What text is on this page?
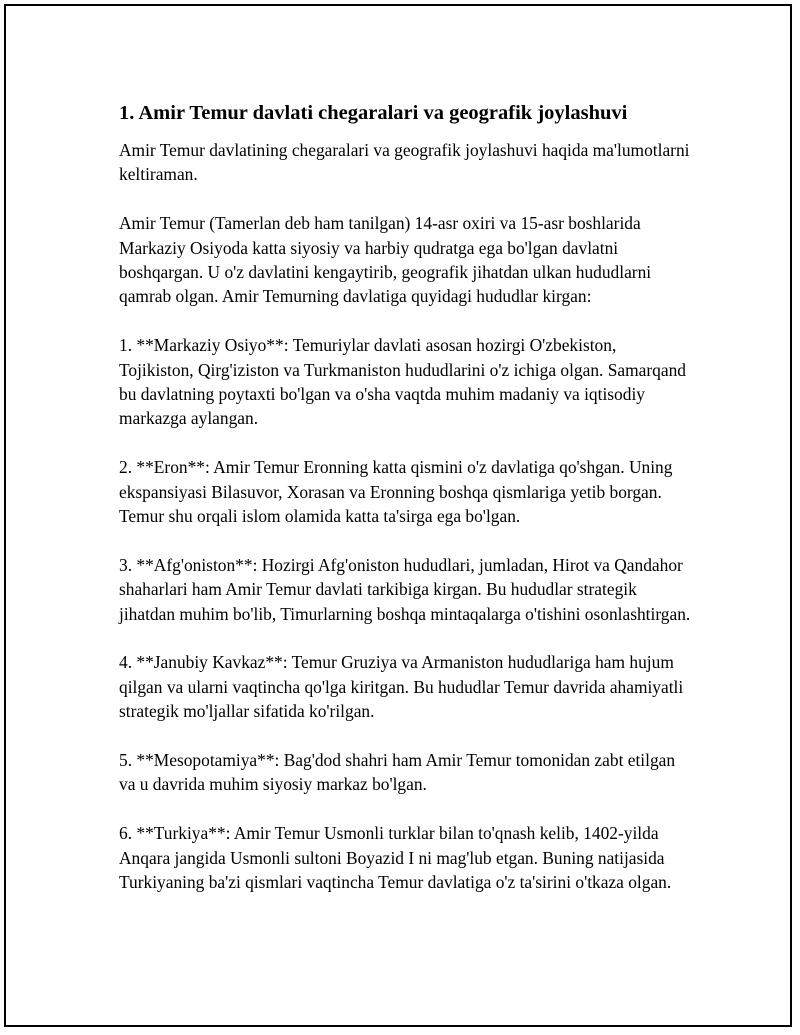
1. Amir Temur davlati chegaralari va geografik joylashuvi

Amir Temur davlatining chegaralari va geografik joylashuvi haqida ma'lumotlarni keltiraman.

Amir Temur (Tamerlan deb ham tanilgan) 14-asr oxiri va 15-asr boshlarida Markaziy Osiyoda katta siyosiy va harbiy qudratga ega bo'lgan davlatni boshqargan. U o'z davlatini kengaytirib, geografik jihatdan ulkan hududlarni qamrab olgan. Amir Temurning davlatiga quyidagi hududlar kirgan:

1. **Markaziy Osiyo**: Temuriylar davlati asosan hozirgi O'zbekiston, Tojikiston, Qirg'iziston va Turkmaniston hududlarini o'z ichiga olgan. Samarqand bu davlatning poytaxti bo'lgan va o'sha vaqtda muhim madaniy va iqtisodiy markazga aylangan.

2. **Eron**: Amir Temur Eronning katta qismini o'z davlatiga qo'shgan. Uning ekspansiyasi Bilasuvor, Xorasan va Eronning boshqa qismlariga yetib borgan. Temur shu orqali islom olamida katta ta'sirga ega bo'lgan.

3. **Afg'oniston**: Hozirgi Afg'oniston hududlari, jumladan, Hirot va Qandahor shaharlari ham Amir Temur davlati tarkibiga kirgan. Bu hududlar strategik jihatdan muhim bo'lib, Timurlarning boshqa mintaqalarga o'tishini osonlashtirgan.

4. **Janubiy Kavkaz**: Temur Gruziya va Armaniston hududlariga ham hujum qilgan va ularni vaqtincha qo'lga kiritgan. Bu hududlar Temur davrida ahamiyatli strategik mo'ljallar sifatida ko'rilgan.

5. **Mesopotamiya**: Bag'dod shahri ham Amir Temur tomonidan zabt etilgan va u davrida muhim siyosiy markaz bo'lgan.

6. **Turkiya**: Amir Temur Usmonli turklar bilan to'qnash kelib, 1402-yilda Anqara jangida Usmonli sultoni Boyazid I ni mag'lub etgan. Buning natijasida Turkiyaning ba'zi qismlari vaqtincha Temur davlatiga o'z ta'sirini o'tkaza olgan.
